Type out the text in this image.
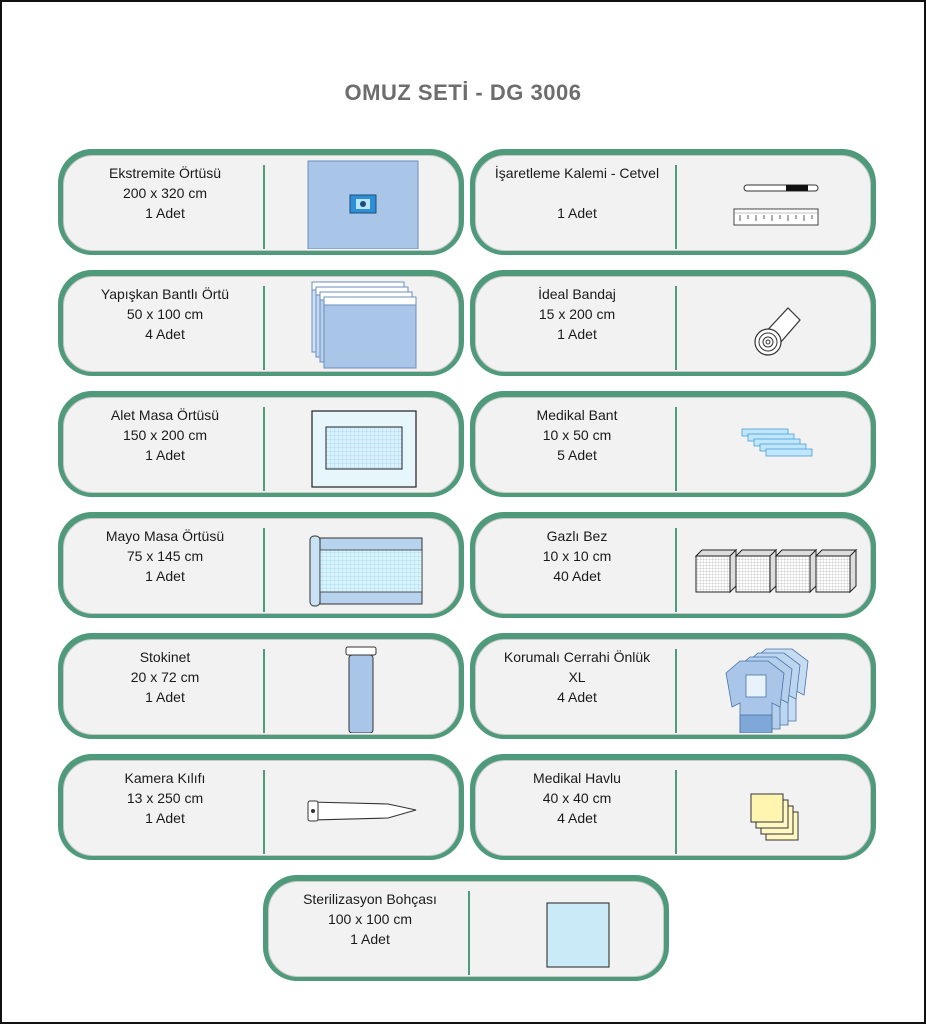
OMUZ SETİ - DG 3006
Ekstremite Örtüsü
200 x 320 cm
1 Adet
İşaretleme Kalemi - Cetvel
1 Adet
Yapışkan Bantlı Örtü
50 x 100 cm
4 Adet
İdeal Bandaj
15 x 200 cm
1 Adet
Alet Masa Örtüsü
150 x 200 cm
1 Adet
Medikal Bant
10 x 50 cm
5 Adet
Mayo Masa Örtüsü
75 x 145 cm
1 Adet
Gazlı Bez
10 x 10 cm
40 Adet
Stokinet
20 x 72 cm
1 Adet
Korumalı Cerrahi Önlük
XL
4 Adet
Kamera Kılıfı
13 x 250 cm
1 Adet
Medikal Havlu
40 x 40 cm
4 Adet
Sterilizasyon Bohçası
100 x 100 cm
1 Adet
